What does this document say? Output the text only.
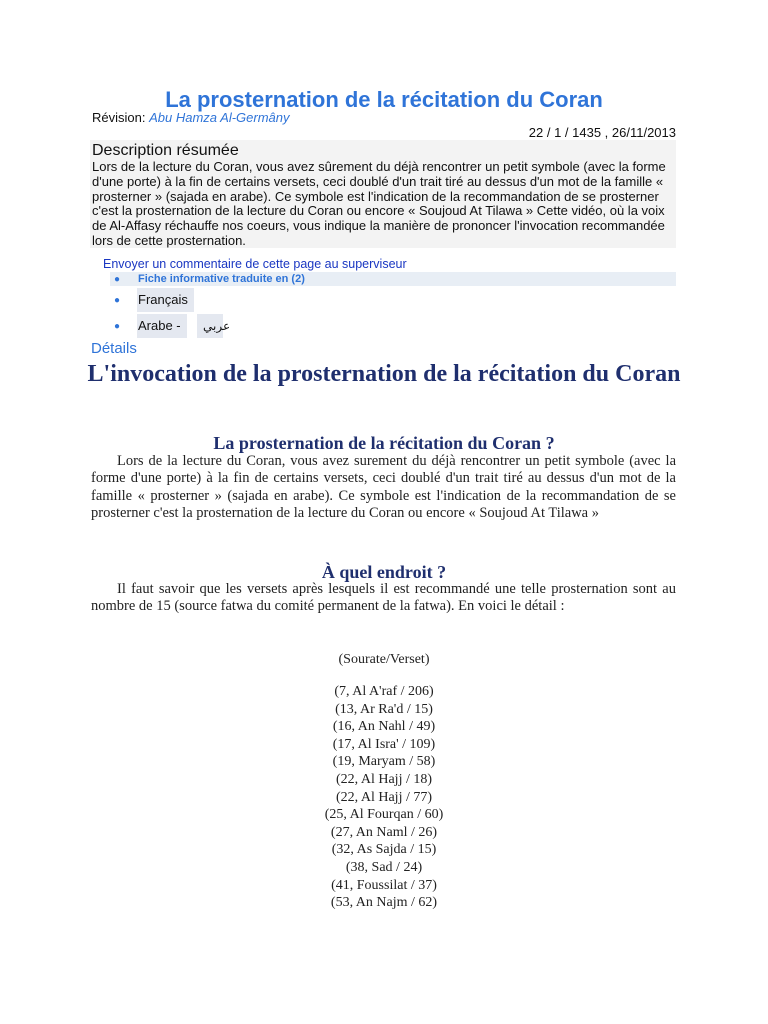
La prosternation de la récitation du Coran
Révision: Abu Hamza Al-Germâny
22 / 1 / 1435 , 26/11/2013
Description résumée

Lors de la lecture du Coran, vous avez sûrement du déjà rencontrer un petit symbole (avec la forme d'une porte) à la fin de certains versets, ceci doublé d'un trait tiré au dessus d'un mot de la famille « prosterner » (sajada en arabe). Ce symbole est l'indication de la recommandation de se prosterner c'est la prosternation de la lecture du Coran ou encore « Soujoud At Tilawa » Cette vidéo, où la voix de Al-Affasy réchauffe nos coeurs, vous indique la manière de prononcer l'invocation recommandée lors de cette prosternation.

Envoyer un commentaire de cette page au superviseur
● Fiche informative traduite en (2)
● Français
● Arabe - عربي
Détails
L'invocation de la prosternation de la récitation du Coran
La prosternation de la récitation du Coran ?

Lors de la lecture du Coran, vous avez surement du déjà rencontrer un petit symbole (avec la forme d'une porte) à la fin de certains versets, ceci doublé d'un trait tiré au dessus d'un mot de la famille « prosterner » (sajada en arabe). Ce symbole est l'indication de la recommandation de se prosterner c'est la prosternation de la lecture du Coran ou encore « Soujoud At Tilawa »

À quel endroit ?

Il faut savoir que les versets après lesquels il est recommandé une telle prosternation sont au nombre de 15 (source fatwa du comité permanent de la fatwa). En voici le détail :

(Sourate/Verset)
(7, Al A'raf / 206)
(13, Ar Ra'd / 15)
(16, An Nahl / 49)
(17, Al Isra' / 109)
(19, Maryam / 58)
(22, Al Hajj / 18)
(22, Al Hajj / 77)
(25, Al Fourqan / 60)
(27, An Naml / 26)
(32, As Sajda / 15)
(38, Sad / 24)
(41, Foussilat / 37)
(53, An Najm / 62)
